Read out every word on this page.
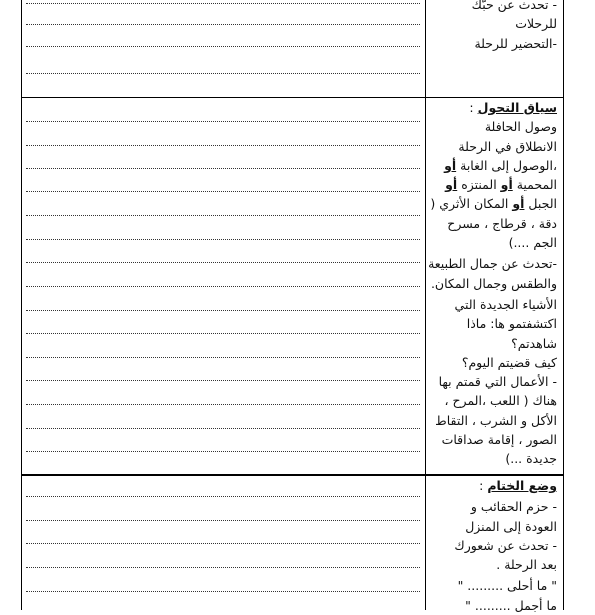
- تحدث عن حبّك

للرحلات

-التحضير للرحلة

سياق التحول :

وصول الحافلة

الانطلاق في الرحلة

،الوصول إلى الغابة أو

المحمية أو المنتزه أو

الجبل أو المكان الأثري (

دقة ، قرطاج ، مسرح

الجم ....)

-تحدث عن جمال الطبيعة

والطقس وجمال المكان.

الأشياء الجديدة التي

اكتشفتمو ها: ماذا شاهدتم؟

كيف قضيتم اليوم؟

- الأعمال التي قمتم بها

هناك ( اللعب ،المرح ،

الأكل و الشرب ، التقاط

الصور ، إقامة صداقات

جديدة ...)

وضع الختام :

- حزم الحقائب و

العودة إلى المنزل

- تحدث عن شعورك

بعد الرحلة .

" ما أحلى ......... "

ما أجمل ......... "
